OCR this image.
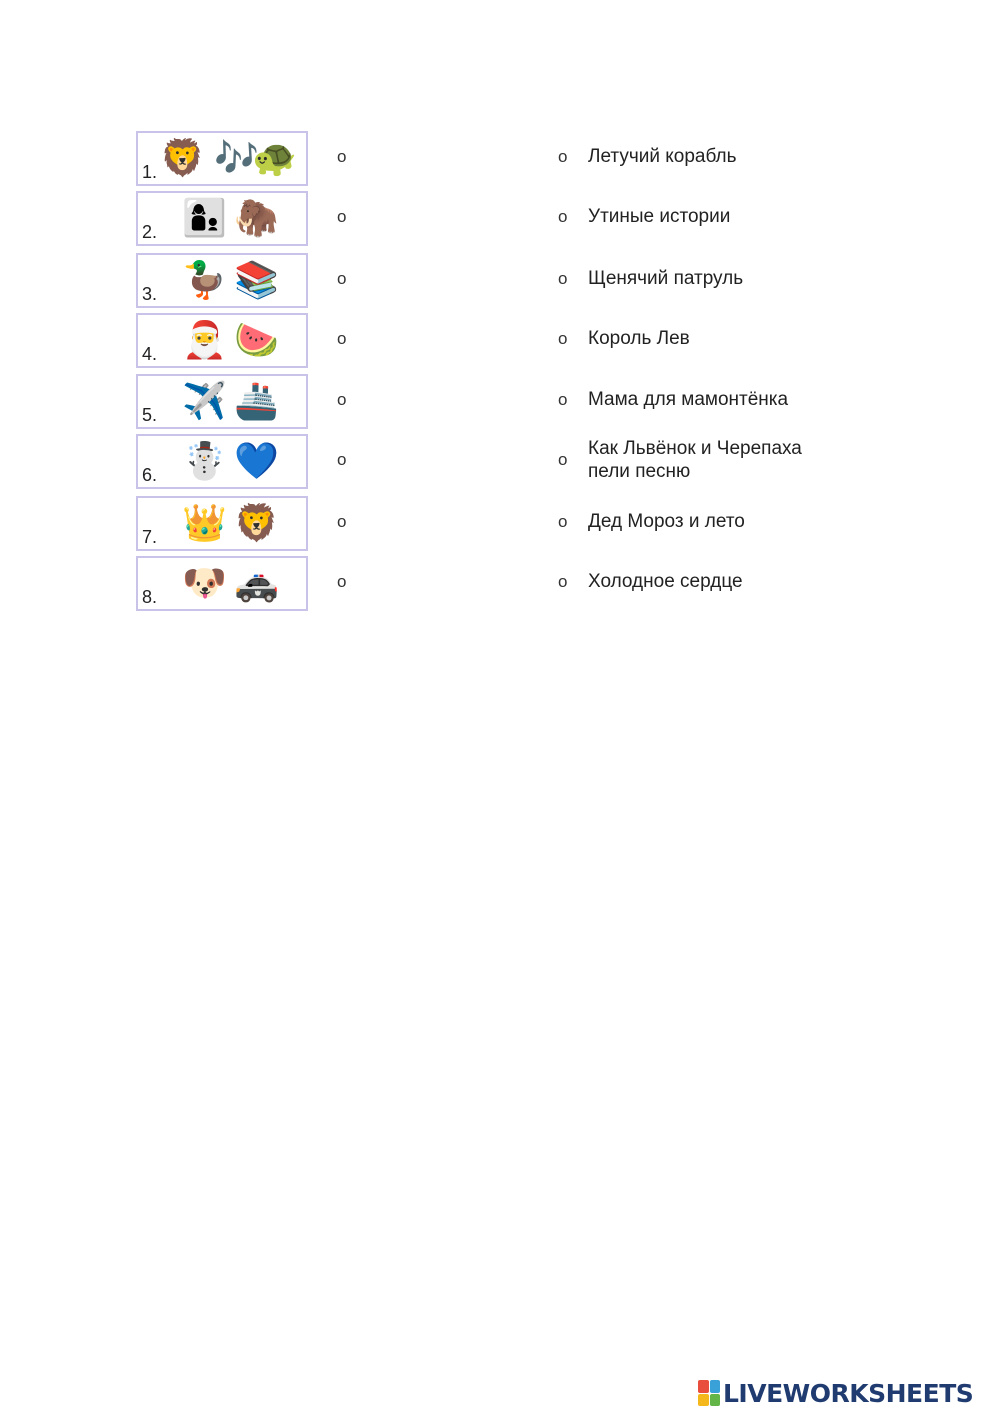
1. 🦁 🎶
🐢
2. 👩‍👦 🦣
3. 🦆 📚
4. 🎅 🍉
5. ✈️ 🚢
6. ☃️ 💙
7. 👑 🦁
8. 🐶 🚓
o
o
o
o
o
o
o
o
o Летучий корабль
o Утиные истории
o Щенячий патруль
o Король Лев
o Мама для мамонтёнка
o
Как Львёнок и Черепаха
пели песню
o Дед Мороз и лето
o Холодное сердце
LIVEWORKSHEETS
